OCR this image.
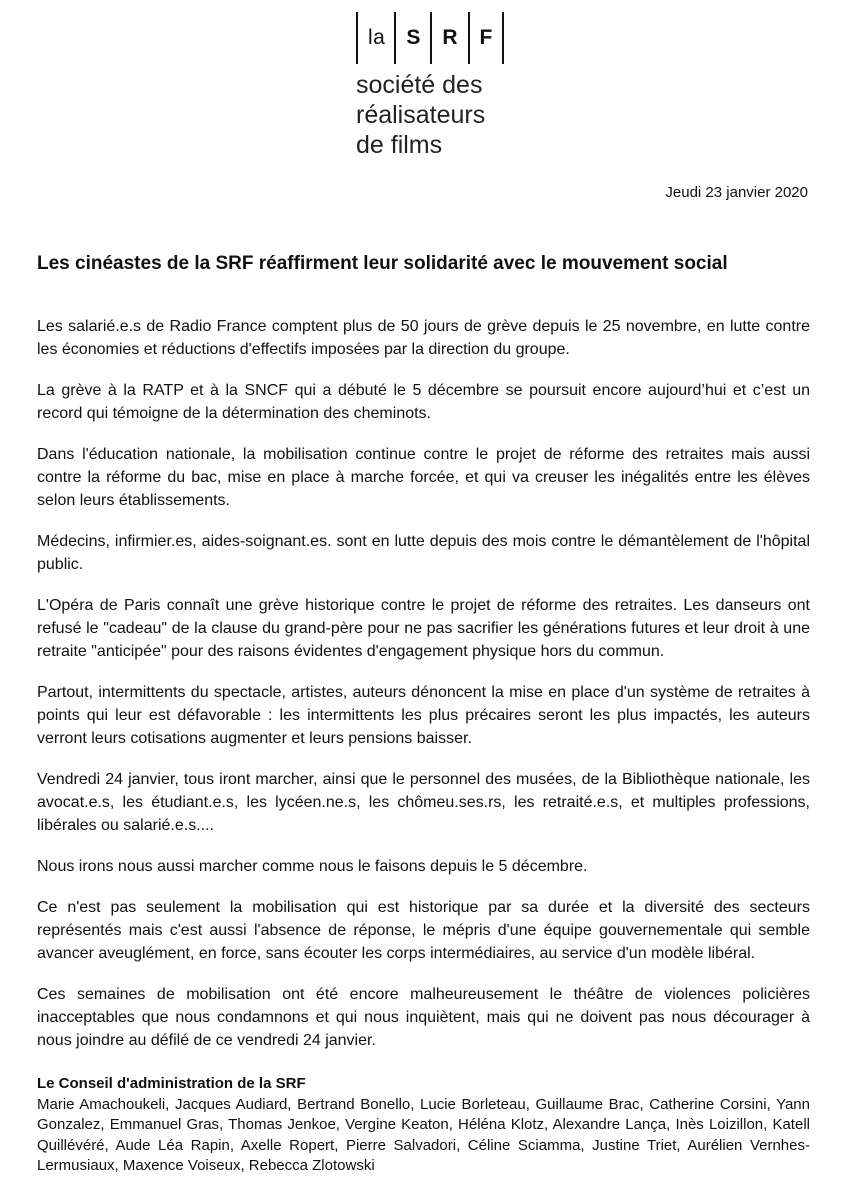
la S R F
société des
réalisateurs
de films
Jeudi 23 janvier 2020
Les cinéastes de la SRF réaffirment leur solidarité avec le mouvement social

Les salarié.e.s de Radio France comptent plus de 50 jours de grève depuis le 25 novembre, en lutte contre les économies et réductions d'effectifs imposées par la direction du groupe.

La grève à la RATP et à la SNCF qui a débuté le 5 décembre se poursuit encore aujourd’hui et c’est un record qui témoigne de la détermination des cheminots.

Dans l'éducation nationale, la mobilisation continue contre le projet de réforme des retraites mais aussi contre la réforme du bac, mise en place à marche forcée, et qui va creuser les inégalités entre les élèves selon leurs établissements.

Médecins, infirmier.es, aides-soignant.es. sont en lutte depuis des mois contre le démantèlement de l'hôpital public.

L'Opéra de Paris connaît une grève historique contre le projet de réforme des retraites. Les danseurs ont refusé le "cadeau" de la clause du grand-père pour ne pas sacrifier les générations futures et leur droit à une retraite "anticipée" pour des raisons évidentes d'engagement physique hors du commun.

Partout, intermittents du spectacle, artistes, auteurs dénoncent la mise en place d'un système de retraites à points qui leur est défavorable : les intermittents les plus précaires seront les plus impactés, les auteurs verront leurs cotisations augmenter et leurs pensions baisser.

Vendredi 24 janvier, tous iront marcher, ainsi que le personnel des musées, de la Bibliothèque nationale, les avocat.e.s, les étudiant.e.s, les lycéen.ne.s, les chômeu.ses.rs, les retraité.e.s, et multiples professions, libérales ou salarié.e.s....

Nous irons nous aussi marcher comme nous le faisons depuis le 5 décembre.

Ce n'est pas seulement la mobilisation qui est historique par sa durée et la diversité des secteurs représentés mais c'est aussi l'absence de réponse, le mépris d'une équipe gouvernementale qui semble avancer aveuglément, en force, sans écouter les corps intermédiaires, au service d'un modèle libéral.

Ces semaines de mobilisation ont été encore malheureusement le théâtre de violences policières inacceptables que nous condamnons et qui nous inquiètent, mais qui ne doivent pas nous décourager à nous joindre au défilé de ce vendredi 24 janvier.

Le Conseil d'administration de la SRF
Marie Amachoukeli, Jacques Audiard, Bertrand Bonello, Lucie Borleteau, Guillaume Brac, Catherine Corsini, Yann Gonzalez, Emmanuel Gras, Thomas Jenkoe, Vergine Keaton, Héléna Klotz, Alexandre Lança, Inès Loizillon, Katell Quillévéré, Aude Léa Rapin, Axelle Ropert, Pierre Salvadori, Céline Sciamma, Justine Triet, Aurélien Vernhes-Lermusiaux, Maxence Voiseux, Rebecca Zlotowski
